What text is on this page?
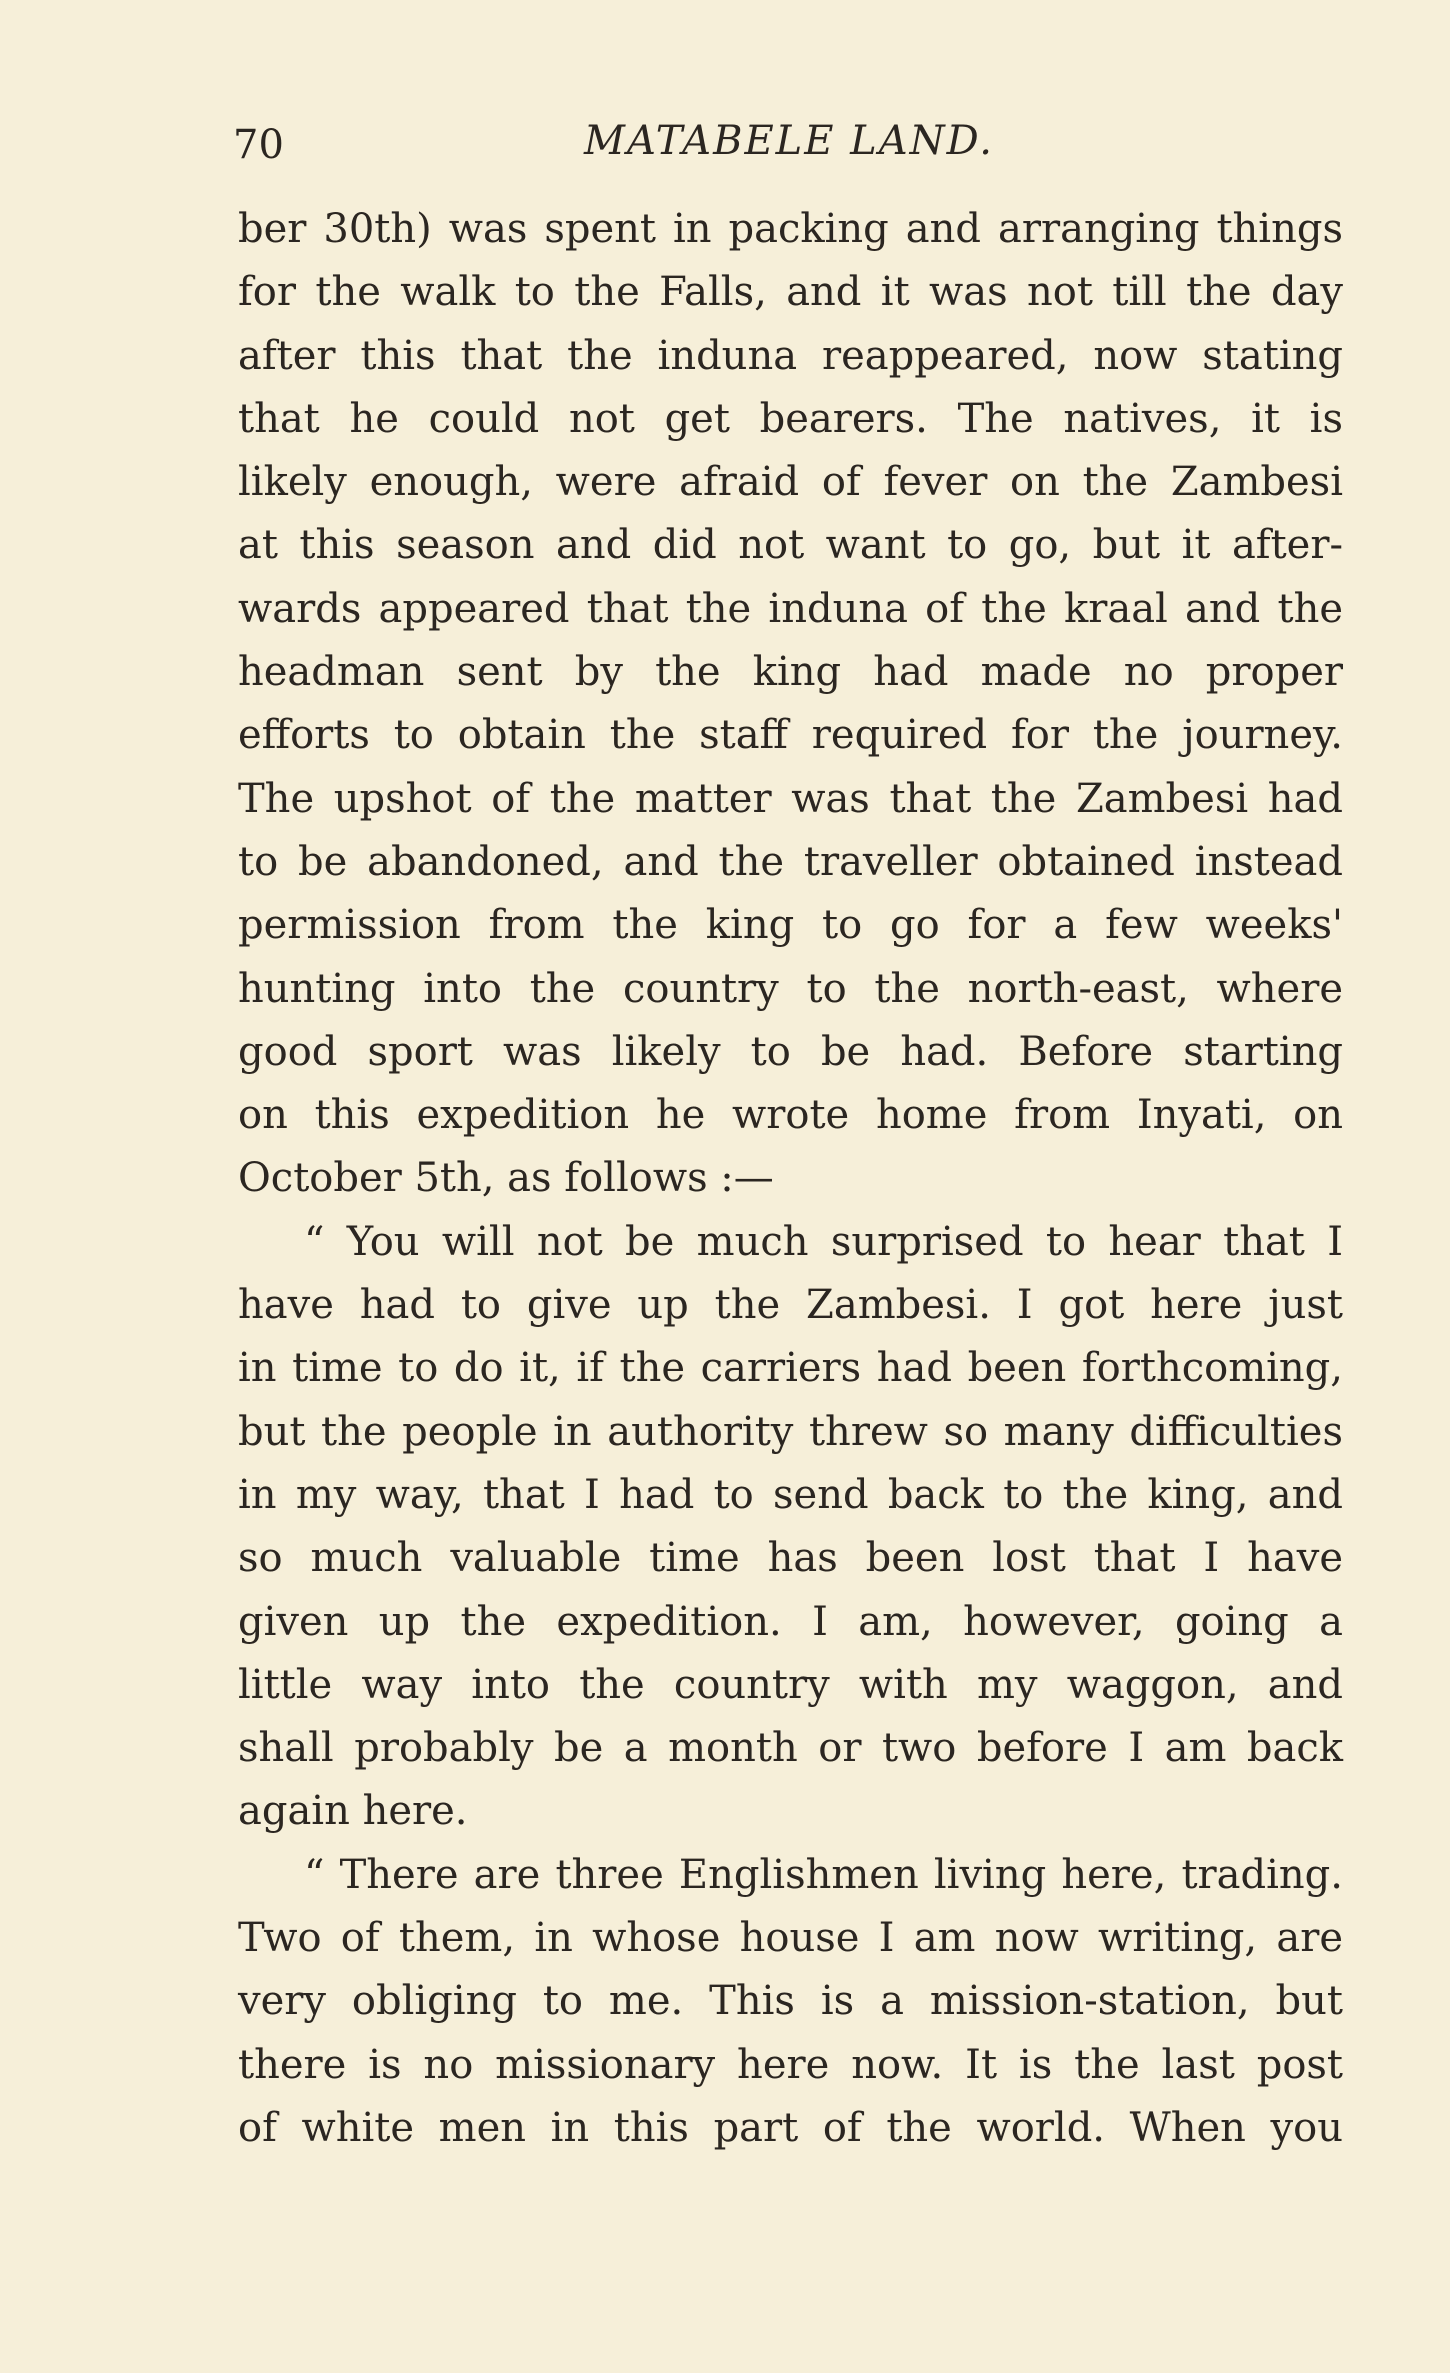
70	MATABELE LAND.
ber 30th) was spent in packing and arranging things
for the walk to the Falls, and it was not till the day
after this that the induna reappeared, now stating
that he could not get bearers. The natives, it is
likely enough, were afraid of fever on the Zambesi
at this season and did not want to go, but it after-
wards appeared that the induna of the kraal and the
headman sent by the king had made no proper
efforts to obtain the staff required for the journey.
The upshot of the matter was that the Zambesi had
to be abandoned, and the traveller obtained instead
permission from the king to go for a few weeks'
hunting into the country to the north-east, where
good sport was likely to be had. Before starting
on this expedition he wrote home from Inyati, on
October 5th, as follows :—
“ You will not be much surprised to hear that I
have had to give up the Zambesi. I got here just
in time to do it, if the carriers had been forthcoming,
but the people in authority threw so many difficulties
in my way, that I had to send back to the king, and
so much valuable time has been lost that I have
given up the expedition. I am, however, going a
little way into the country with my waggon, and
shall probably be a month or two before I am back
again here.
“ There are three Englishmen living here, trading.
Two of them, in whose house I am now writing, are
very obliging to me. This is a mission-station, but
there is no missionary here now. It is the last post
of white men in this part of the world. When you
